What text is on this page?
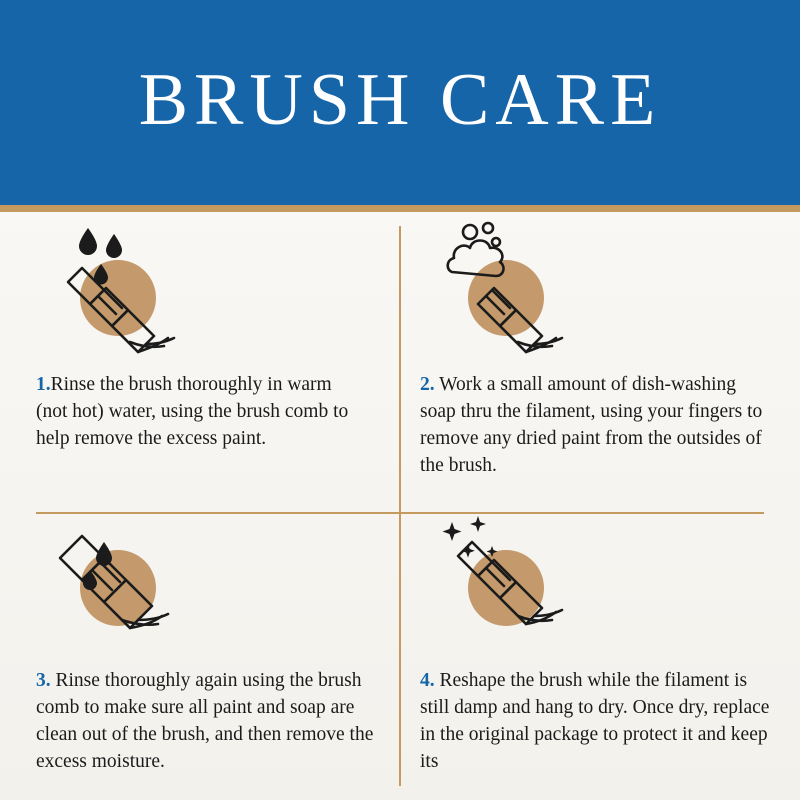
BRUSH CARE

1.Rinse the brush thoroughly in warm (not hot) water, using the brush comb to help remove the excess paint.

2. Work a small amount of dish-washing soap thru the filament, using your fingers to remove any dried paint from the outsides of the brush.

3. Rinse thoroughly again using the brush comb to make sure all paint and soap are clean out of the brush, and then remove the excess moisture.

4. Reshape the brush while the filament is still damp and hang to dry. Once dry, replace in the original package to protect it and keep its
